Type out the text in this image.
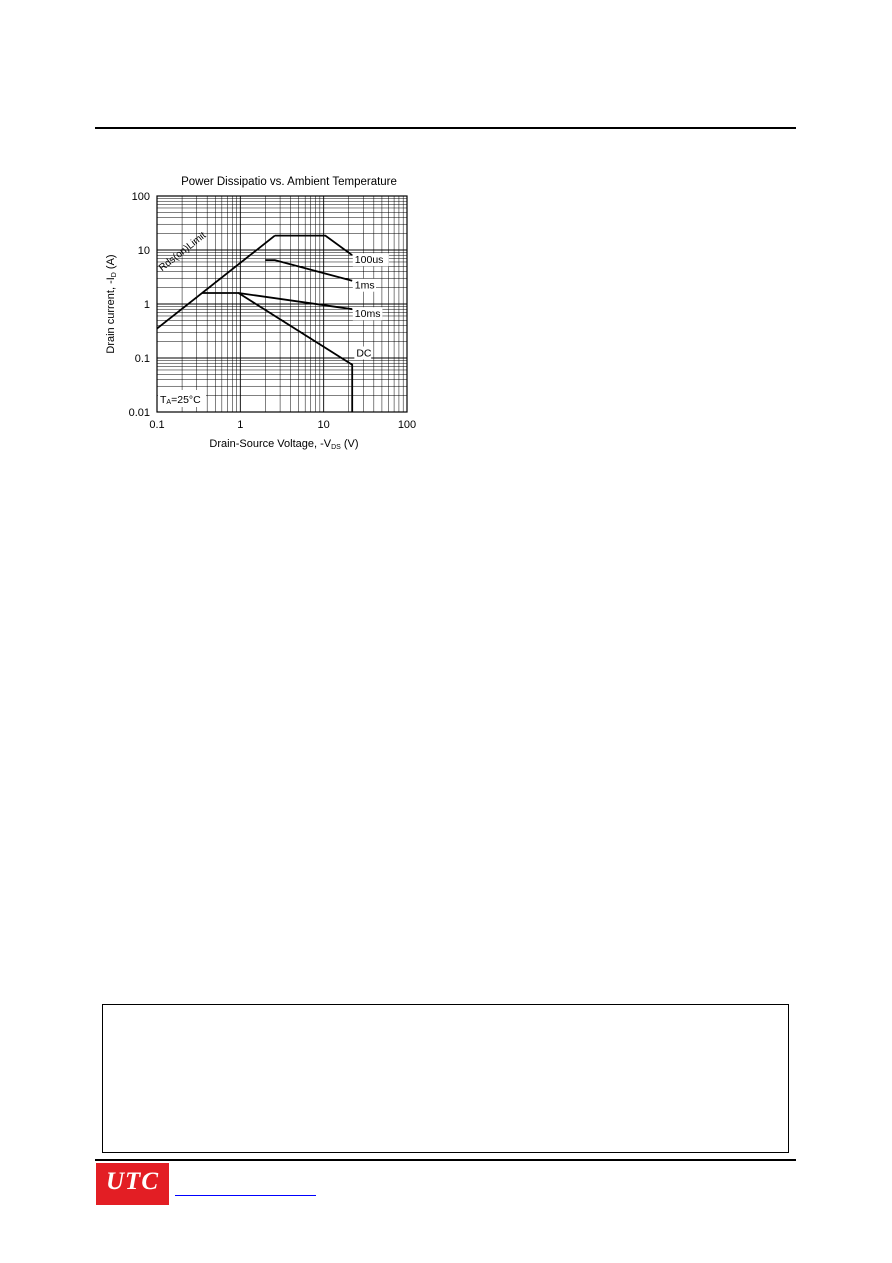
Power Dissipatio vs. Ambient Temperature
0.1	1	10	100
0.01
0.1
1
10
100
Drain-Source Voltage, -VDS (V)
Drain current, -ID (A)	100us
1ms
10ms
DC
Rds(on)Limit
TA=25°C
UTC
